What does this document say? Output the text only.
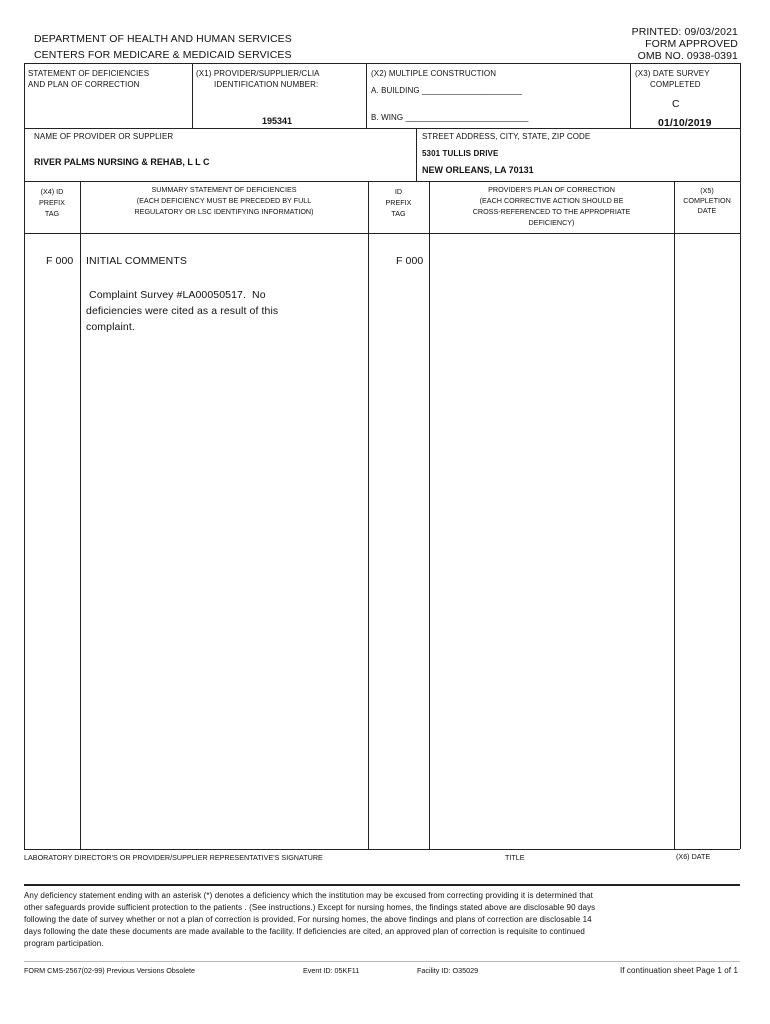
PRINTED: 09/03/2021
FORM APPROVED
OMB NO. 0938-0391
DEPARTMENT OF HEALTH AND HUMAN SERVICES
CENTERS FOR MEDICARE & MEDICAID SERVICES
STATEMENT OF DEFICIENCIES
AND PLAN OF CORRECTION
(X1) PROVIDER/SUPPLIER/CLIA
IDENTIFICATION NUMBER:
195341
(X2) MULTIPLE CONSTRUCTION
A. BUILDING ______________________
B. WING ___________________________
(X3) DATE SURVEY
COMPLETED
C
01/10/2019
NAME OF PROVIDER OR SUPPLIER
RIVER PALMS NURSING & REHAB, L L C
STREET ADDRESS, CITY, STATE, ZIP CODE
5301 TULLIS DRIVE
NEW ORLEANS, LA 70131
(X4) ID
PREFIX
TAG
SUMMARY STATEMENT OF DEFICIENCIES
(EACH DEFICIENCY MUST BE PRECEDED BY FULL
REGULATORY OR LSC IDENTIFYING INFORMATION)
ID
PREFIX
TAG
PROVIDER'S PLAN OF CORRECTION
(EACH CORRECTIVE ACTION SHOULD BE
CROSS-REFERENCED TO THE APPROPRIATE
DEFICIENCY)
(X5)
COMPLETION
DATE
F 000 INITIAL COMMENTS
Complaint Survey #LA00050517.  No
deficiencies were cited as a result of this
complaint.
F 000
LABORATORY DIRECTOR'S OR PROVIDER/SUPPLIER REPRESENTATIVE'S SIGNATURE	TITLE	(X6) DATE
Any deficiency statement ending with an asterisk (*) denotes a deficiency which the institution may be excused from correcting providing it is determined that
other safeguards provide sufficient protection to the patients . (See instructions.) Except for nursing homes, the findings stated above are disclosable 90 days
following the date of survey whether or not a plan of correction is provided. For nursing homes, the above findings and plans of correction are disclosable 14
days following the date these documents are made available to the facility. If deficiencies are cited, an approved plan of correction is requisite to continued
program participation.
FORM CMS-2567(02-99) Previous Versions Obsolete	Event ID: 05KF11	Facility ID: O35029	If continuation sheet Page 1 of 1
